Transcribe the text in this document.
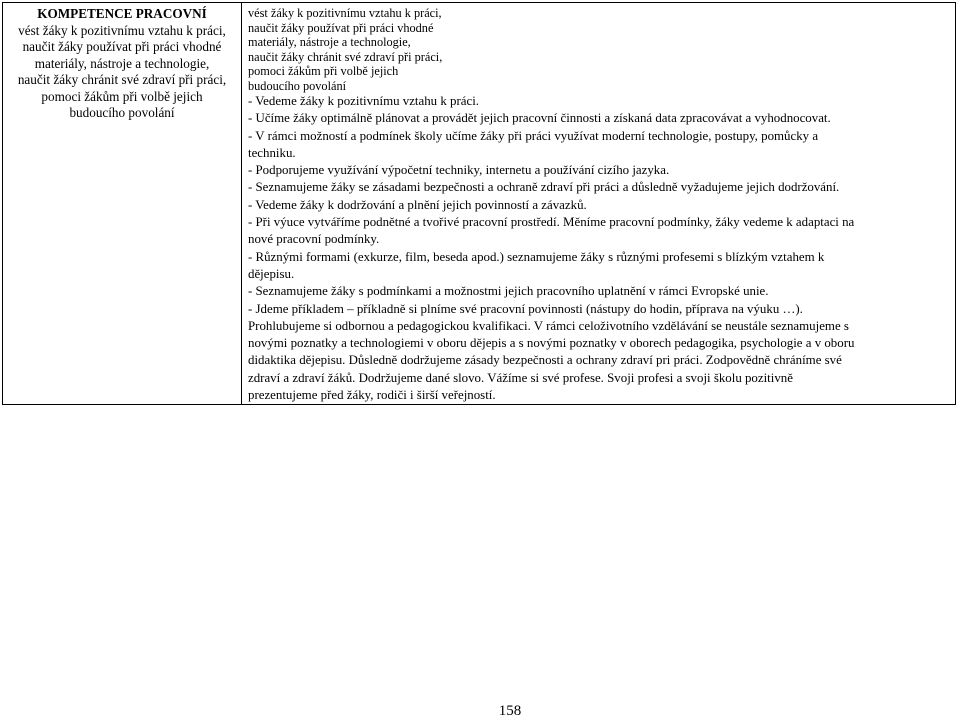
KOMPETENCE PRACOVNÍ
vést žáky k pozitivnímu vztahu k práci,
naučit žáky používat při práci vhodné
materiály, nástroje a technologie,
naučit žáky chránit své zdraví při práci,
pomoci žákům při volbě jejich
budoucího povolání
vést žáky k pozitivnímu vztahu k práci,
naučit žáky používat při práci vhodné
materiály, nástroje a technologie,
naučit žáky chránit své zdraví při práci,
pomoci žákům při volbě jejich
budoucího povolání
- Vedeme žáky k pozitivnímu vztahu k práci.
- Učíme žáky optimálně plánovat a provádět jejich pracovní činnosti a získaná data zpracovávat a vyhodnocovat.
- V rámci možností a podmínek školy učíme žáky při práci využívat moderní technologie, postupy, pomůcky a
techniku.
- Podporujeme využívání výpočetní techniky, internetu a používání cizího jazyka.
- Seznamujeme žáky se zásadami bezpečnosti a ochraně zdraví při práci a důsledně vyžadujeme jejich dodržování.
- Vedeme žáky k dodržování a plnění jejich povinností a závazků.
- Při výuce vytváříme podnětné a tvořivé pracovní prostředí. Měníme pracovní podmínky, žáky vedeme k adaptaci na
nové pracovní podmínky.
- Různými formami (exkurze, film, beseda apod.) seznamujeme žáky s různými profesemi s blízkým vztahem k
dějepisu.
- Seznamujeme žáky s podmínkami a možnostmi jejich pracovního uplatnění v rámci Evropské unie.
- Jdeme příkladem – příkladně si plníme své pracovní povinnosti (nástupy do hodin, příprava na výuku …).
Prohlubujeme si odbornou a pedagogickou kvalifikaci. V rámci celoživotního vzdělávání se neustále seznamujeme s
novými poznatky a technologiemi v oboru dějepis a s novými poznatky v oborech pedagogika, psychologie a v oboru
didaktika dějepisu. Důsledně dodržujeme zásady bezpečnosti a ochrany zdraví pri práci. Zodpovědně chráníme své
zdraví a zdraví žáků. Dodržujeme dané slovo. Vážíme si své profese. Svoji profesi a svoji školu pozitivně
prezentujeme před žáky, rodiči i širší veřejností.
158
